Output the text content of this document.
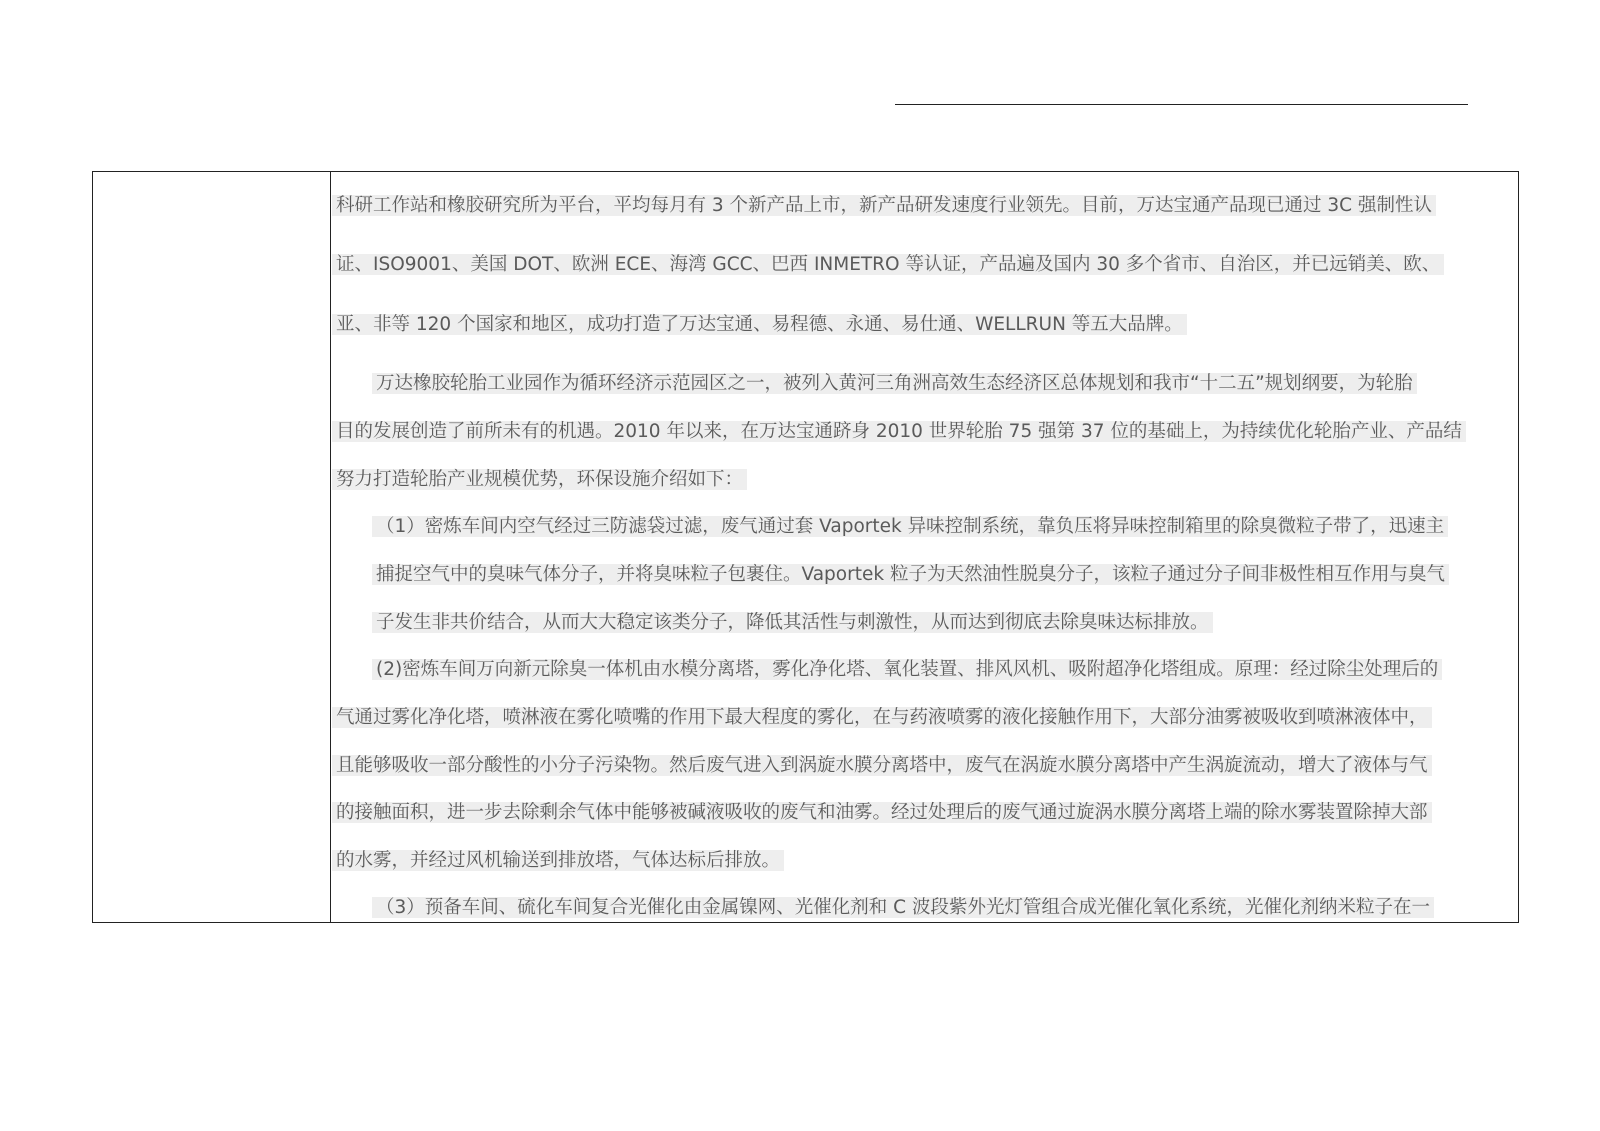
科研工作站和橡胶研究所为平台，平均每月有 3 个新产品上市，新产品研发速度行业领先。目前，万达宝通产品现已通过 3C 强制性认
证、ISO9001、美国 DOT、欧洲 ECE、海湾 GCC、巴西 INMETRO 等认证，产品遍及国内 30 多个省市、自治区，并已远销美、欧、
亚、非等 120 个国家和地区，成功打造了万达宝通、易程德、永通、易仕通、WELLRUN 等五大品牌。
万达橡胶轮胎工业园作为循环经济示范园区之一，被列入黄河三角洲高效生态经济区总体规划和我市“十二五”规划纲要，为轮胎
目的发展创造了前所未有的机遇。2010 年以来，在万达宝通跻身 2010 世界轮胎 75 强第 37 位的基础上，为持续优化轮胎产业、产品结
努力打造轮胎产业规模优势，环保设施介绍如下：
（1）密炼车间内空气经过三防滤袋过滤，废气通过套 Vaportek 异味控制系统，靠负压将异味控制箱里的除臭微粒子带了，迅速主
捕捉空气中的臭味气体分子，并将臭味粒子包裹住。Vaportek 粒子为天然油性脱臭分子，该粒子通过分子间非极性相互作用与臭气
子发生非共价结合，从而大大稳定该类分子，降低其活性与刺激性，从而达到彻底去除臭味达标排放。
(2)密炼车间万向新元除臭一体机由水模分离塔，雾化净化塔、氧化装置、排风风机、吸附超净化塔组成。原理：经过除尘处理后的
气通过雾化净化塔，喷淋液在雾化喷嘴的作用下最大程度的雾化，在与药液喷雾的液化接触作用下，大部分油雾被吸收到喷淋液体中，
且能够吸收一部分酸性的小分子污染物。然后废气进入到涡旋水膜分离塔中，废气在涡旋水膜分离塔中产生涡旋流动，增大了液体与气
的接触面积，进一步去除剩余气体中能够被碱液吸收的废气和油雾。经过处理后的废气通过旋涡水膜分离塔上端的除水雾装置除掉大部
的水雾，并经过风机输送到排放塔，气体达标后排放。
（3）预备车间、硫化车间复合光催化由金属镍网、光催化剂和 C 波段紫外光灯管组合成光催化氧化系统，光催化剂纳米粒子在一
